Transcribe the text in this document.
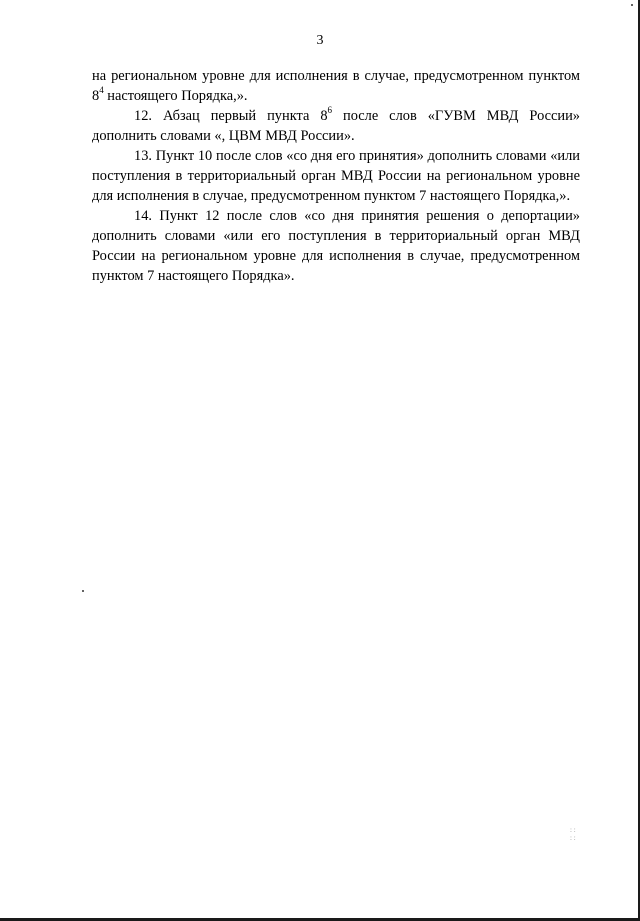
3

на региональном уровне для исполнения в случае, предусмотренном пунктом $8^4$ настоящего Порядка,».

12. Абзац первый пункта $8^6$ после слов «ГУВМ МВД России» дополнить словами «, ЦВМ МВД России».

13. Пункт 10 после слов «со дня его принятия» дополнить словами «или поступления в территориальный орган МВД России на региональном уровне для исполнения в случае, предусмотренном пунктом 7 настоящего Порядка,».

14. Пункт 12 после слов «со дня принятия решения о депортации» дополнить словами «или его поступления в территориальный орган МВД России на региональном уровне для исполнения в случае, предусмотренном пунктом 7 настоящего Порядка».

: :
: :
